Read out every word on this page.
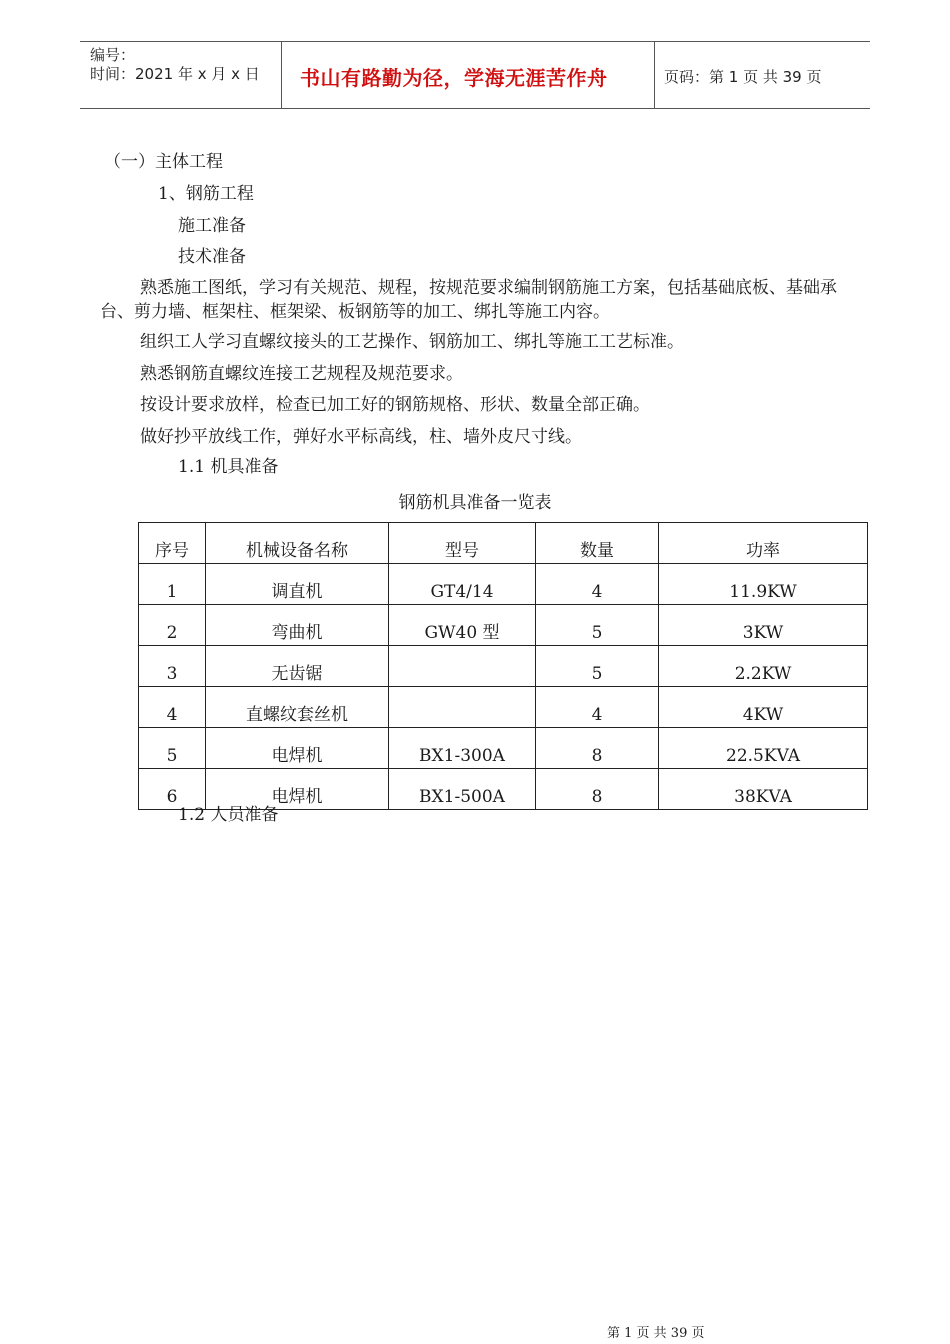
编号：
时间：2021 年 x 月 x 日 书山有路勤为径，学海无涯苦作舟	页码：第 1 页 共 39 页
（一）主体工程
1、钢筋工程
施工准备
技术准备
熟悉施工图纸，学习有关规范、规程，按规范要求编制钢筋施工方案，包括基础底板、基础承台、剪力墙、框架柱、框架梁、板钢筋等的加工、绑扎等施工内容。
组织工人学习直螺纹接头的工艺操作、钢筋加工、绑扎等施工工艺标准。
熟悉钢筋直螺纹连接工艺规程及规范要求。
按设计要求放样，检查已加工好的钢筋规格、形状、数量全部正确。
做好抄平放线工作，弹好水平标高线，柱、墙外皮尺寸线。
1.1 机具准备
钢筋机具准备一览表
序号	机械设备名称	型号	数量	功率
1	调直机	GT4/14	4	11.9KW
2	弯曲机	GW40 型	5	3KW
3	无齿锯		5	2.2KW
4	直螺纹套丝机		4	4KW
5	电焊机	BX1-300A	8	22.5KVA
6	电焊机	BX1-500A	8	38KVA
1.2 人员准备
第 1 页 共 39 页
